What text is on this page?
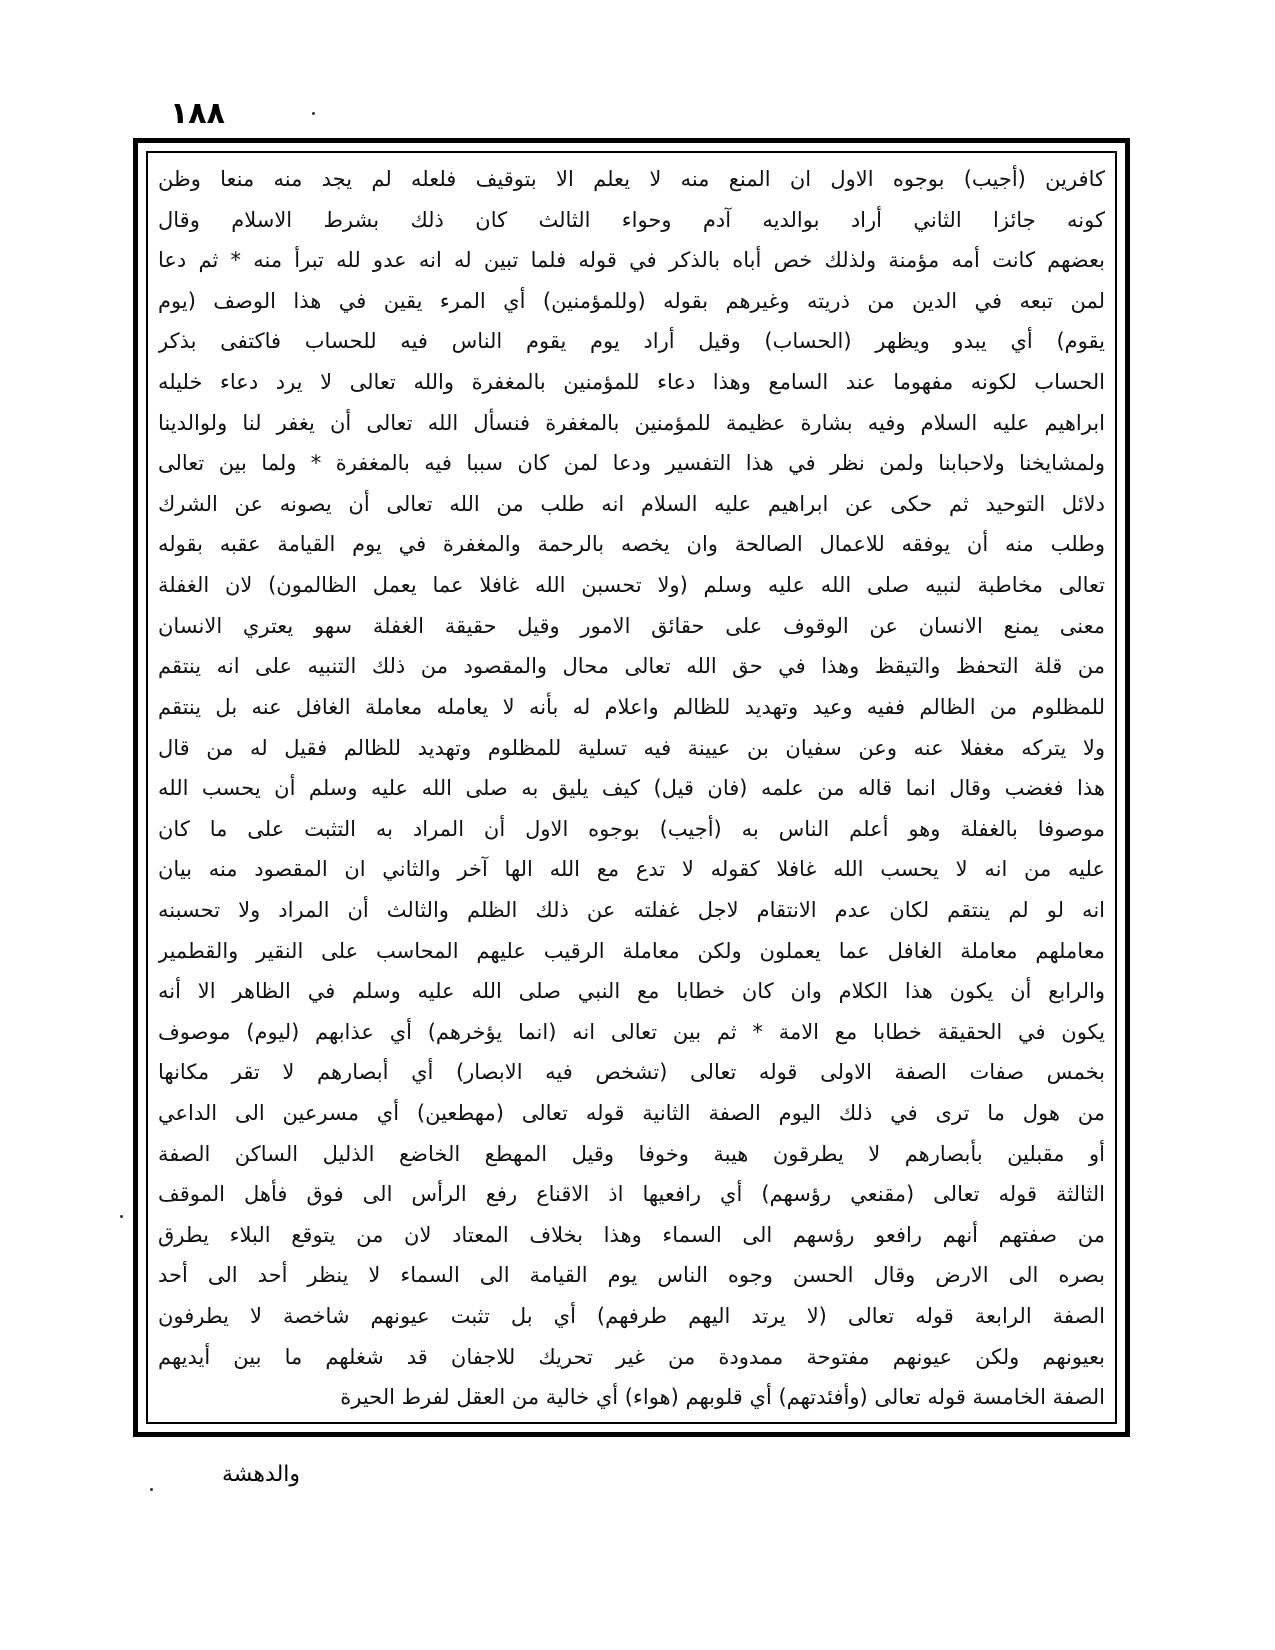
١٨٨
كافرين (أجيب) بوجوه الاول ان المنع منه لا يعلم الا بتوقيف فلعله لم يجد منه منعا وظن
كونه جائزا الثاني أراد بوالديه آدم وحواء الثالث كان ذلك بشرط الاسلام وقال
بعضهم كانت أمه مؤمنة ولذلك خص أباه بالذكر في قوله فلما تبين له انه عدو لله تبرأ منه * ثم دعا
لمن تبعه في الدين من ذريته وغيرهم بقوله (وللمؤمنين) أي المرء يقين في هذا الوصف (يوم
يقوم) أي يبدو ويظهر (الحساب) وقيل أراد يوم يقوم الناس فيه للحساب فاكتفى بذكر
الحساب لكونه مفهوما عند السامع وهذا دعاء للمؤمنين بالمغفرة والله تعالى لا يرد دعاء خليله
ابراهيم عليه السلام وفيه بشارة عظيمة للمؤمنين بالمغفرة فنسأل الله تعالى أن يغفر لنا ولوالدينا
ولمشايخنا ولاحبابنا ولمن نظر في هذا التفسير ودعا لمن كان سببا فيه بالمغفرة * ولما بين تعالى
دلائل التوحيد ثم حكى عن ابراهيم عليه السلام انه طلب من الله تعالى أن يصونه عن الشرك
وطلب منه أن يوفقه للاعمال الصالحة وان يخصه بالرحمة والمغفرة في يوم القيامة عقبه بقوله
تعالى مخاطبة لنبيه صلى الله عليه وسلم (ولا تحسبن الله غافلا عما يعمل الظالمون) لان الغفلة
معنى يمنع الانسان عن الوقوف على حقائق الامور وقيل حقيقة الغفلة سهو يعتري الانسان
من قلة التحفظ والتيقظ وهذا في حق الله تعالى محال والمقصود من ذلك التنبيه على انه ينتقم
للمظلوم من الظالم ففيه وعيد وتهديد للظالم واعلام له بأنه لا يعامله معاملة الغافل عنه بل ينتقم
ولا يتركه مغفلا عنه وعن سفيان بن عيينة فيه تسلية للمظلوم وتهديد للظالم فقيل له من قال
هذا فغضب وقال انما قاله من علمه (فان قيل) كيف يليق به صلى الله عليه وسلم أن يحسب الله
موصوفا بالغفلة وهو أعلم الناس به (أجيب) بوجوه الاول أن المراد به التثبت على ما كان
عليه من انه لا يحسب الله غافلا كقوله لا تدع مع الله الها آخر والثاني ان المقصود منه بيان
انه لو لم ينتقم لكان عدم الانتقام لاجل غفلته عن ذلك الظلم والثالث أن المراد ولا تحسبنه
معاملهم معاملة الغافل عما يعملون ولكن معاملة الرقيب عليهم المحاسب على النقير والقطمير
والرابع أن يكون هذا الكلام وان كان خطابا مع النبي صلى الله عليه وسلم في الظاهر الا أنه
يكون في الحقيقة خطابا مع الامة * ثم بين تعالى انه (انما يؤخرهم) أي عذابهم (ليوم) موصوف
بخمس صفات الصفة الاولى قوله تعالى (تشخص فيه الابصار) أي أبصارهم لا تقر مكانها
من هول ما ترى في ذلك اليوم الصفة الثانية قوله تعالى (مهطعين) أي مسرعين الى الداعي
أو مقبلين بأبصارهم لا يطرقون هيبة وخوفا وقيل المهطع الخاضع الذليل الساكن الصفة
الثالثة قوله تعالى (مقنعي رؤسهم) أي رافعيها اذ الاقناع رفع الرأس الى فوق فأهل الموقف
من صفتهم أنهم رافعو رؤسهم الى السماء وهذا بخلاف المعتاد لان من يتوقع البلاء يطرق
بصره الى الارض وقال الحسن وجوه الناس يوم القيامة الى السماء لا ينظر أحد الى أحد
الصفة الرابعة قوله تعالى (لا يرتد اليهم طرفهم) أي بل تثبت عيونهم شاخصة لا يطرفون
بعيونهم ولكن عيونهم مفتوحة ممدودة من غير تحريك للاجفان قد شغلهم ما بين أيديهم
الصفة الخامسة قوله تعالى (وأفئدتهم) أي قلوبهم (هواء) أي خالية من العقل لفرط الحيرة
والدهشة
